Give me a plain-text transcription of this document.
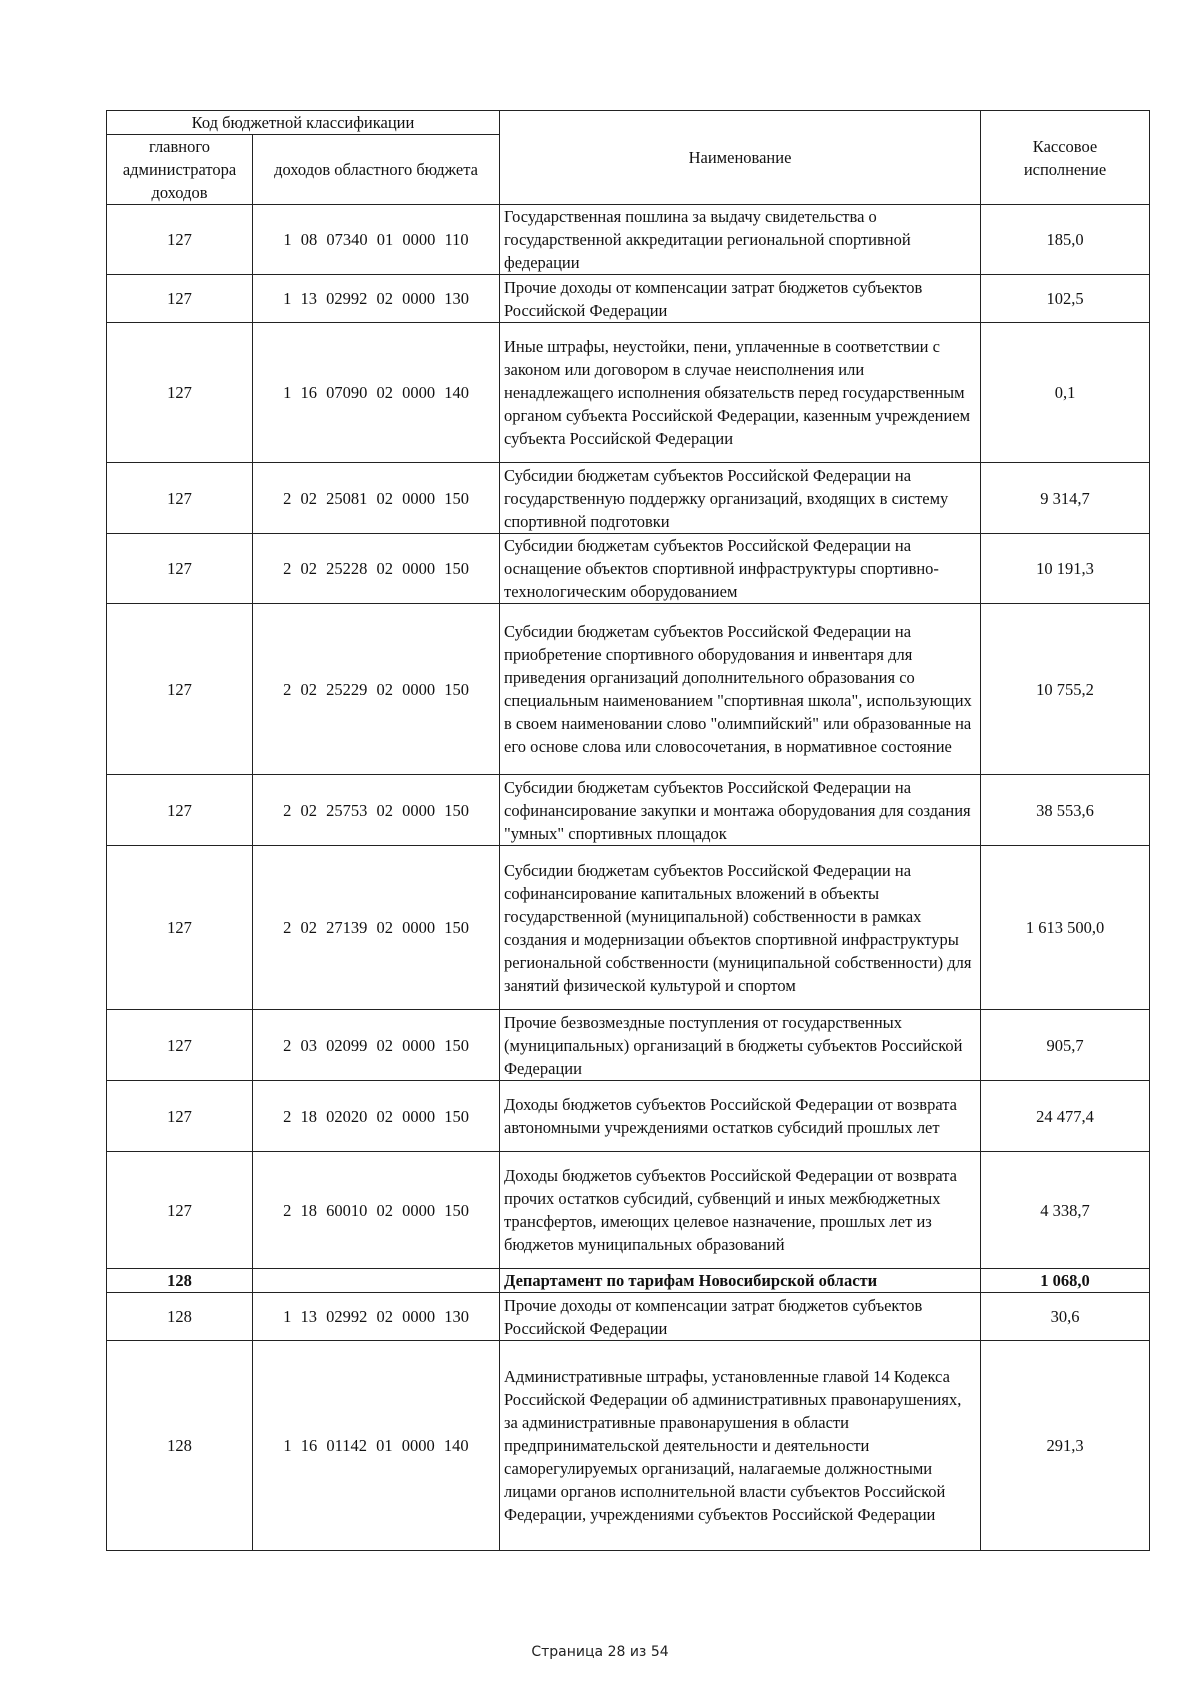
Код бюджетной классификации		Наименование	Кассовое исполнение
главного администратора доходов	доходов областного бюджета		
127	1 08 07340 01 0000 110	Государственная пошлина за выдачу свидетельства о государственной аккредитации региональной спортивной федерации	185,0
127	1 13 02992 02 0000 130	Прочие доходы от компенсации затрат бюджетов субъектов Российской Федерации	102,5
127	1 16 07090 02 0000 140	Иные штрафы, неустойки, пени, уплаченные в соответствии с законом или договором в случае неисполнения или ненадлежащего исполнения обязательств перед государственным органом субъекта Российской Федерации, казенным учреждением субъекта Российской Федерации	0,1
127	2 02 25081 02 0000 150	Субсидии бюджетам субъектов Российской Федерации на государственную поддержку организаций, входящих в систему спортивной подготовки	9 314,7
127	2 02 25228 02 0000 150	Субсидии бюджетам субъектов Российской Федерации на оснащение объектов спортивной инфраструктуры спортивно-технологическим оборудованием	10 191,3
127	2 02 25229 02 0000 150	Субсидии бюджетам субъектов Российской Федерации на приобретение спортивного оборудования и инвентаря для приведения организаций дополнительного образования со специальным наименованием "спортивная школа", использующих в своем наименовании слово "олимпийский" или образованные на его основе слова или словосочетания, в нормативное состояние	10 755,2
127	2 02 25753 02 0000 150	Субсидии бюджетам субъектов Российской Федерации на софинансирование закупки и монтажа оборудования для создания "умных" спортивных площадок	38 553,6
127	2 02 27139 02 0000 150	Субсидии бюджетам субъектов Российской Федерации на софинансирование капитальных вложений в объекты государственной (муниципальной) собственности в рамках создания и модернизации объектов спортивной инфраструктуры региональной собственности (муниципальной собственности) для занятий физической культурой и спортом	1 613 500,0
127	2 03 02099 02 0000 150	Прочие безвозмездные поступления от государственных (муниципальных) организаций в бюджеты субъектов Российской Федерации	905,7
127	2 18 02020 02 0000 150	Доходы бюджетов субъектов Российской Федерации от возврата автономными учреждениями остатков субсидий прошлых лет	24 477,4
127	2 18 60010 02 0000 150	Доходы бюджетов субъектов Российской Федерации от возврата прочих остатков субсидий, субвенций и иных межбюджетных трансфертов, имеющих целевое назначение, прошлых лет из бюджетов муниципальных образований	4 338,7
128		Департамент по тарифам Новосибирской области	1 068,0
128	1 13 02992 02 0000 130	Прочие доходы от компенсации затрат бюджетов субъектов Российской Федерации	30,6
128	1 16 01142 01 0000 140	Административные штрафы, установленные главой 14 Кодекса Российской Федерации об административных правонарушениях, за административные правонарушения в области предпринимательской деятельности и деятельности саморегулируемых организаций, налагаемые должностными лицами органов исполнительной власти субъектов Российской Федерации, учреждениями субъектов Российской Федерации	291,3
Страница 28 из 54
